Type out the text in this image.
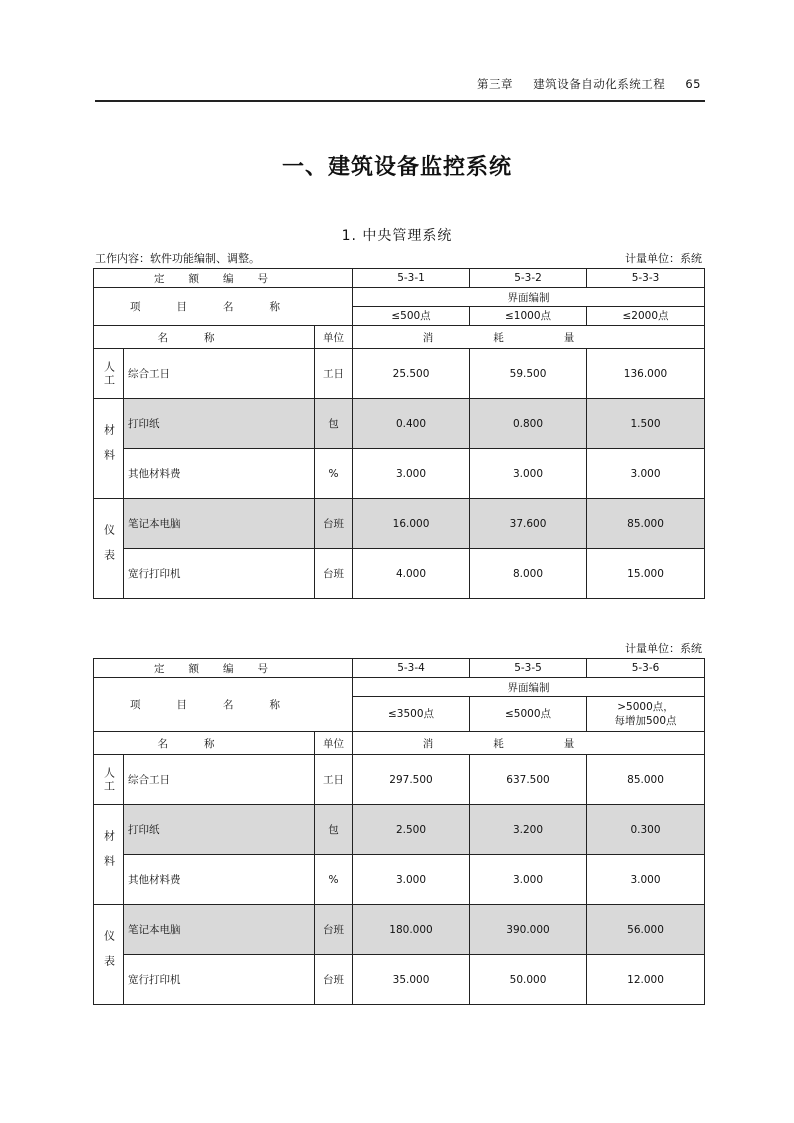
第三章 建筑设备自动化系统工程 65
一、建筑设备监控系统
1. 中央管理系统
工作内容：软件功能编制、调整。	计量单位：系统
计量单位：系统
定额编号			5-3-1	5-3-2	5-3-3
项目名称			界面编制		
			≤500点	≤1000点	≤2000点
名称		单位	消耗量		

人工	综合工日	工日	25.500	59.500	136.000

材料	打印纸	包	0.400	0.800	1.500
	其他材料费	%	3.000	3.000	3.000

仪表	笔记本电脑	台班	16.000	37.600	85.000
	宽行打印机	台班	4.000	8.000	15.000
定额编号			5-3-4	5-3-5	5-3-6
项目名称			界面编制		
			≤3500点	≤5000点	>5000点，
每增加500点
名称		单位	消耗量		

人工	综合工日	工日	297.500	637.500	85.000

材料	打印纸	包	2.500	3.200	0.300
	其他材料费	%	3.000	3.000	3.000

仪表	笔记本电脑	台班	180.000	390.000	56.000
	宽行打印机	台班	35.000	50.000	12.000
